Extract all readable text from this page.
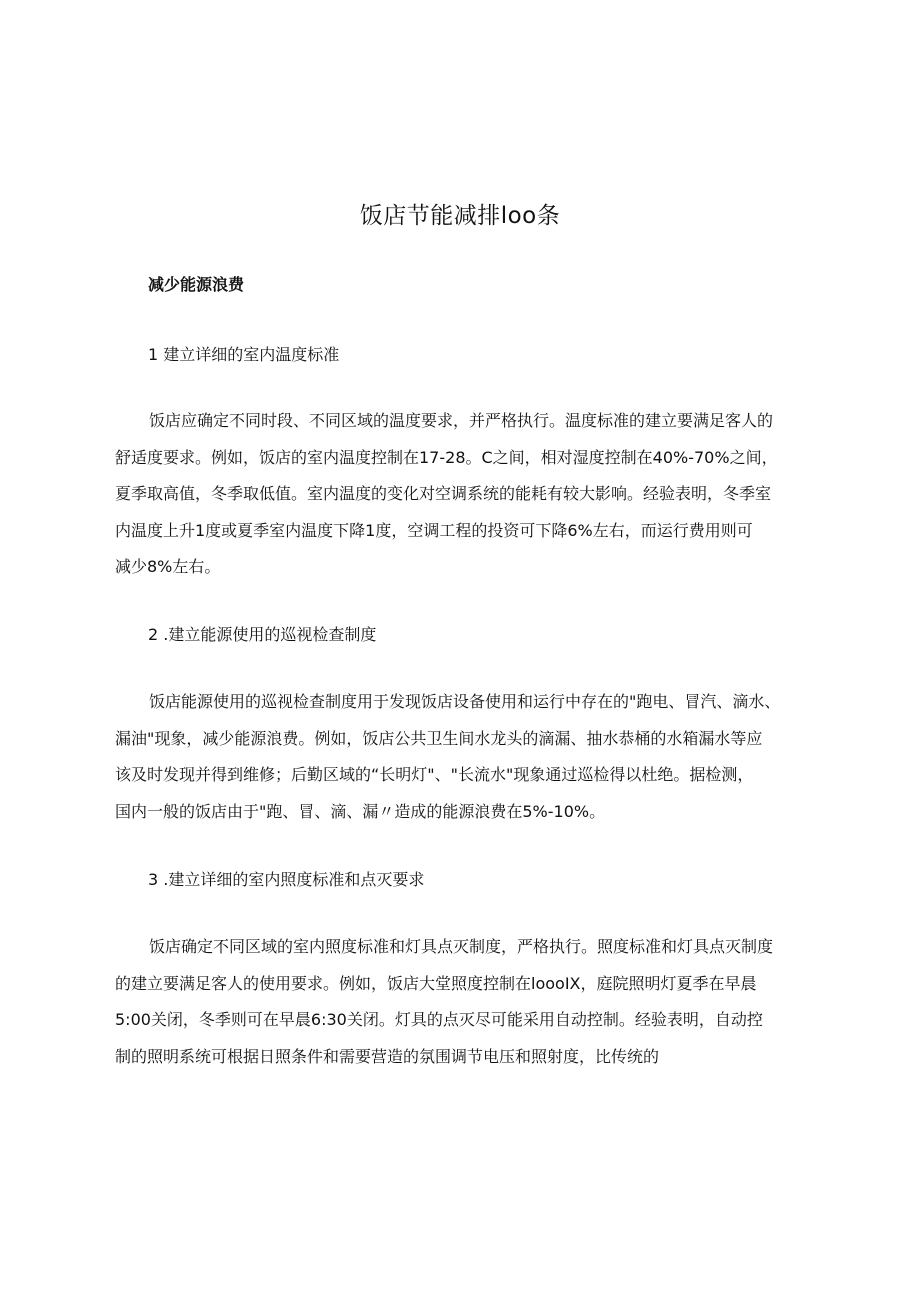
饭店节能减排loo条
减少能源浪费
1 建立详细的室内温度标准
饭店应确定不同时段、不同区域的温度要求，并严格执行。温度标准的建立要满足客人的
舒适度要求。例如，饭店的室内温度控制在17-28。C之间，相对湿度控制在40%-70%之间，
夏季取高值，冬季取低值。室内温度的变化对空调系统的能耗有较大影响。经验表明，冬季室
内温度上升1度或夏季室内温度下降1度，空调工程的投资可下降6%左右，而运行费用则可
减少8%左右。
2 .建立能源使用的巡视检查制度
饭店能源使用的巡视检查制度用于发现饭店设备使用和运行中存在的"跑电、冒汽、滴水、
漏油"现象，减少能源浪费。例如，饭店公共卫生间水龙头的滴漏、抽水恭桶的水箱漏水等应
该及时发现并得到维修；后勤区域的“长明灯"、"长流水"现象通过巡检得以杜绝。据检测，
国内一般的饭店由于"跑、冒、滴、漏〃造成的能源浪费在5%-10%。
3 .建立详细的室内照度标准和点灭要求
饭店确定不同区域的室内照度标准和灯具点灭制度，严格执行。照度标准和灯具点灭制度
的建立要满足客人的使用要求。例如，饭店大堂照度控制在loooIX，庭院照明灯夏季在早晨
5:00关闭，冬季则可在早晨6:30关闭。灯具的点灭尽可能采用自动控制。经验表明，自动控
制的照明系统可根据日照条件和需要营造的氛围调节电压和照射度，比传统的
